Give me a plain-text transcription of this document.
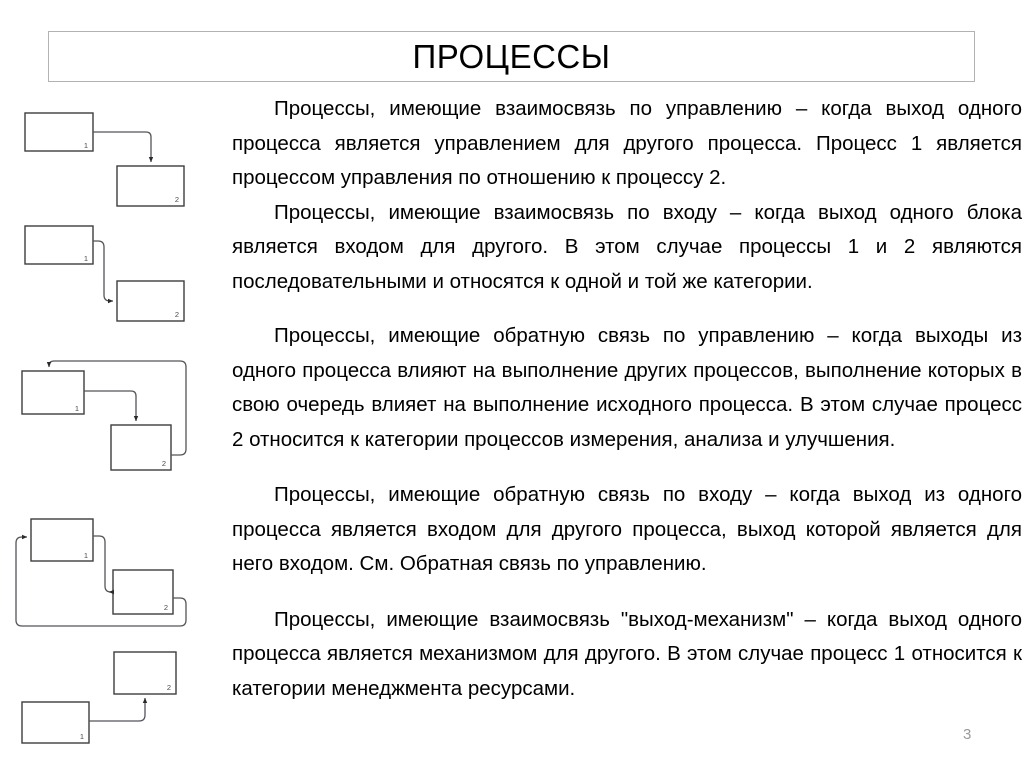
ПРОЦЕССЫ
1
2
1
2
1
2
1
2
2
1

Процессы, имеющие взаимосвязь по управлению – когда выход одного процесса является управлением для другого процесса. Процесс 1 является процессом управления по отношению к процессу 2.

Процессы, имеющие взаимосвязь по входу – когда выход одного блока является входом для другого. В этом случае процессы 1 и 2 являются последовательными и относятся к одной и той же категории.

Процессы, имеющие обратную связь по управлению – когда выходы из одного процесса влияют на выполнение других процессов, выполнение которых в свою очередь влияет на выполнение исходного процесса. В этом случае процесс 2 относится к категории процессов измерения, анализа и улучшения.

Процессы, имеющие обратную связь по входу – когда выход из одного процесса является входом для другого процесса, выход которой является для него входом. См. Обратная связь по управлению.

Процессы, имеющие взаимосвязь "выход-механизм" – когда выход одного процесса является механизмом для другого. В этом случае процесс 1 относится к категории менеджмента ресурсами.

3
